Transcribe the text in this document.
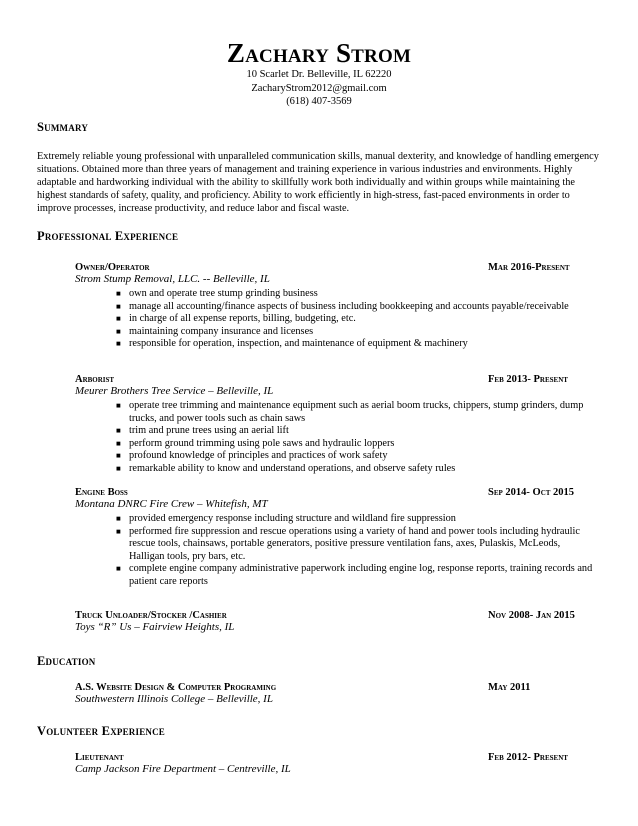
Zachary Strom
10 Scarlet Dr. Belleville, IL 62220
ZacharyStrom2012@gmail.com
(618) 407-3569
Summary
Extremely reliable young professional with unparalleled communication skills, manual dexterity, and knowledge of handling emergency situations. Obtained more than three years of management and training experience in various industries and environments. Highly adaptable and hardworking individual with the ability to skillfully work both individually and within groups while maintaining the highest standards of safety, quality, and proficiency. Ability to work efficiently in high-stress, fast-paced environments in order to improve processes, increase productivity, and reduce labor and fiscal waste.
Professional Experience
Owner/Operator	Mar 2016-Present
Strom Stump Removal, LLC. -- Belleville, IL
■ own and operate tree stump grinding business
■ manage all accounting/finance aspects of business including bookkeeping and accounts payable/receivable
■ in charge of all expense reports, billing, budgeting, etc.
■ maintaining company insurance and licenses
■ responsible for operation, inspection, and maintenance of equipment & machinery
Arborist	Feb 2013- Present
Meurer Brothers Tree Service – Belleville, IL
■ operate tree trimming and maintenance equipment such as aerial boom trucks, chippers, stump grinders, dump trucks, and power tools such as chain saws
■ trim and prune trees using an aerial lift
■ perform ground trimming using pole saws and hydraulic loppers
■ profound knowledge of principles and practices of work safety
■ remarkable ability to know and understand operations, and observe safety rules
Engine Boss	Sep 2014- Oct 2015
Montana DNRC Fire Crew – Whitefish, MT
■ provided emergency response including structure and wildland fire suppression
■ performed fire suppression and rescue operations using a variety of hand and power tools including hydraulic rescue tools, chainsaws, portable generators, positive pressure ventilation fans, axes, Pulaskis, McLeods, Halligan tools, pry bars, etc.
■ complete engine company administrative paperwork including engine log, response reports, training records and patient care reports
Truck Unloader/Stocker /Cashier	Nov 2008- Jan 2015
Toys “R” Us – Fairview Heights, IL
Education
A.S. Website Design & Computer Programing	May 2011
Southwestern Illinois College – Belleville, IL
Volunteer Experience
Lieutenant	Feb 2012- Present
Camp Jackson Fire Department – Centreville, IL
